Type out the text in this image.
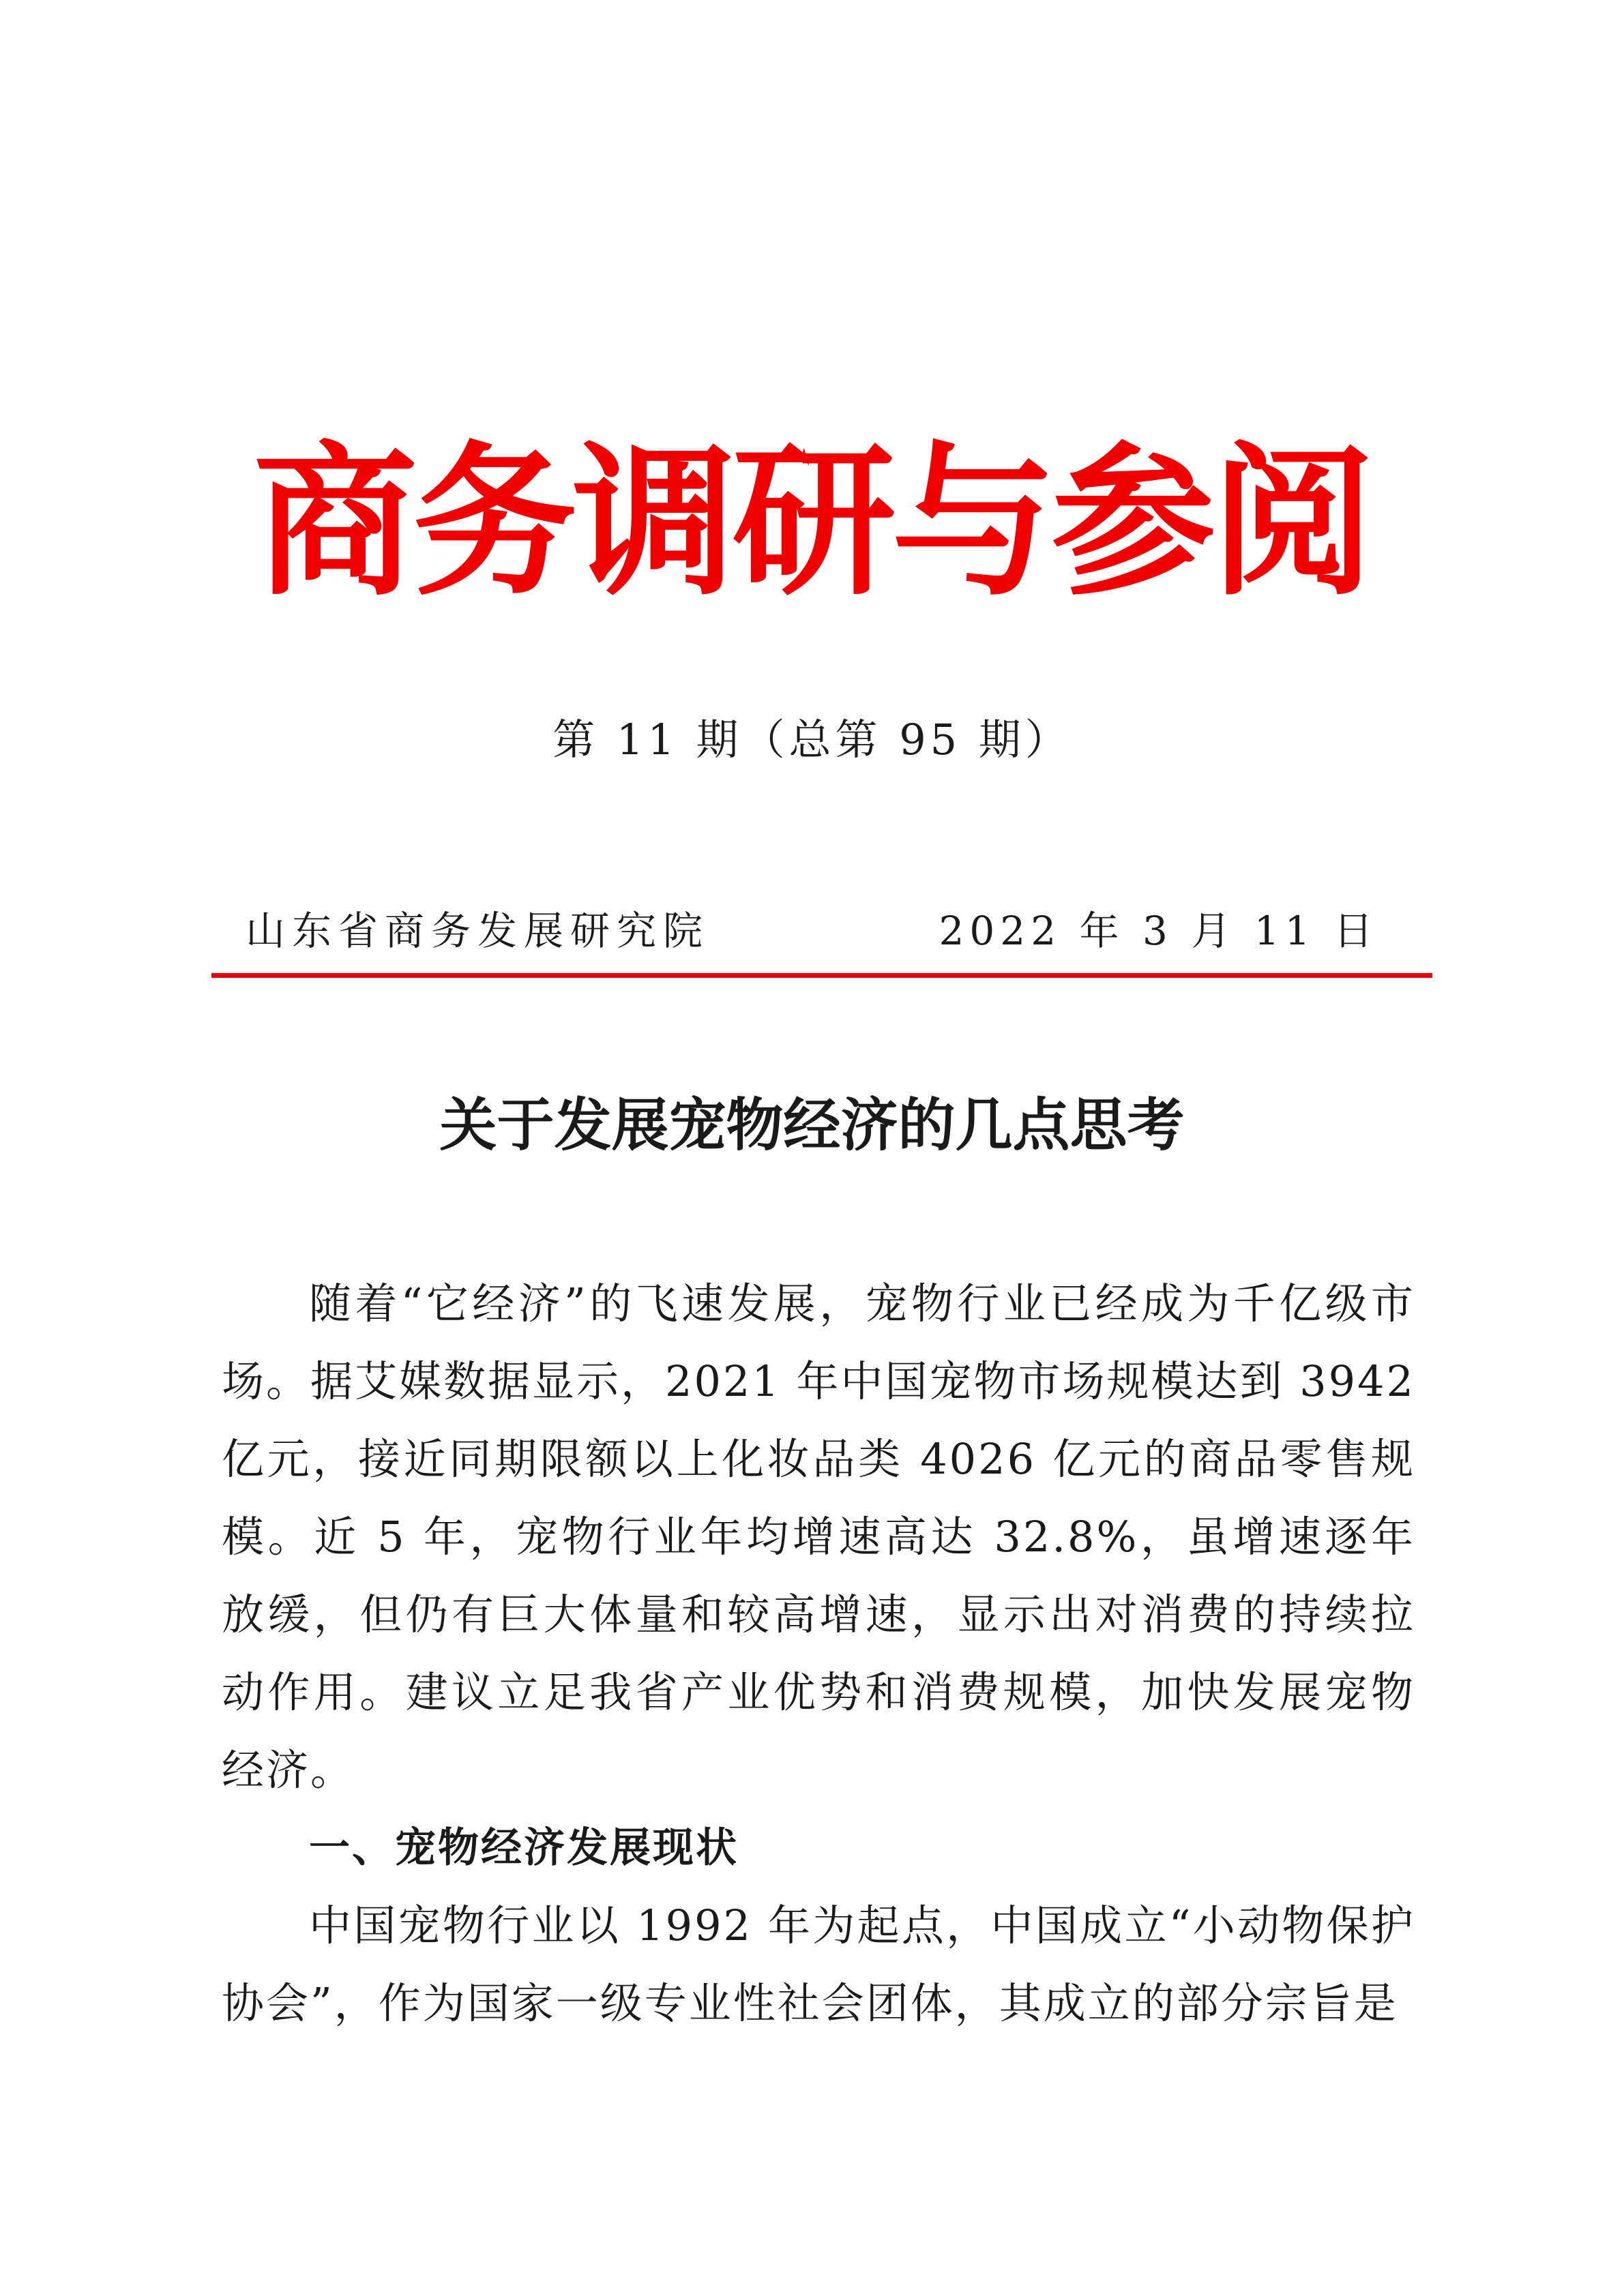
商务调研与参阅
第 11 期（总第 95 期）
山东省商务发展研究院	2022 年 3 月 11 日
关于发展宠物经济的几点思考

随着“它经济”的飞速发展，宠物行业已经成为千亿级市场。据艾媒数据显示，2021 年中国宠物市场规模达到 3942 亿元，接近同期限额以上化妆品类 4026 亿元的商品零售规模。近 5 年，宠物行业年均增速高达 32.8%，虽增速逐年放缓，但仍有巨大体量和较高增速，显示出对消费的持续拉动作用。建议立足我省产业优势和消费规模，加快发展宠物经济。

一、宠物经济发展现状

中国宠物行业以 1992 年为起点，中国成立“小动物保护协会”，作为国家一级专业性社会团体，其成立的部分宗旨是
